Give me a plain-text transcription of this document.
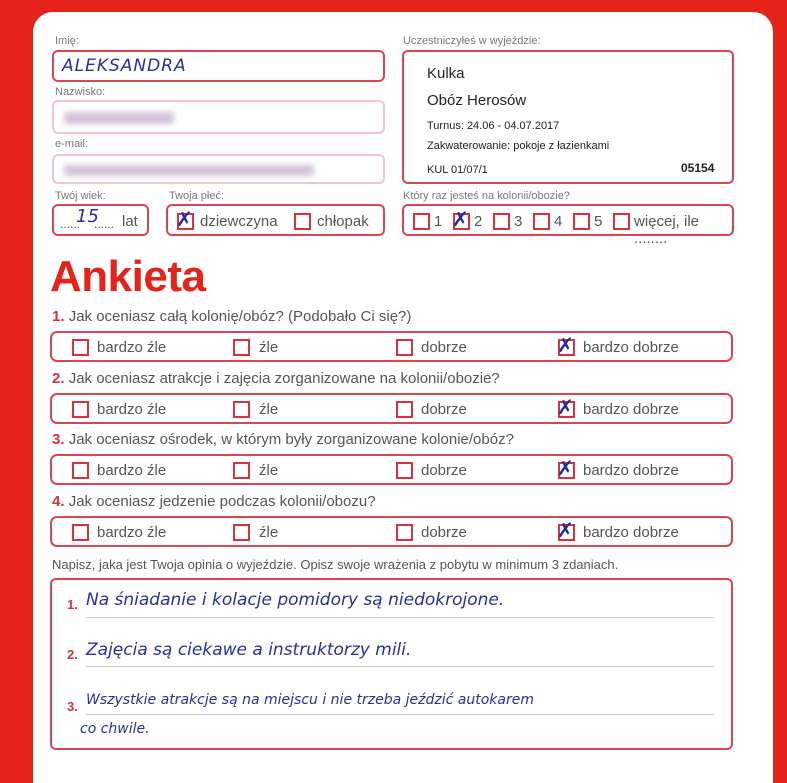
Imię:
ALEKSANDRA
Nazwisko:
e-mail:
Twój wiek:
......
15
...... lat
Twoja płeć:
✗ dziewczyna	chłopak
Uczestniczyłeś w wyjeździe:
Kulka
Obóz Herosów
Turnus: 24.06 - 04.07.2017
Zakwaterowanie: pokoje z łazienkami
KUL 01/07/1	05154
Który raz jesteś na kolonii/obozie?
1 ✗ 2 3 4 5 więcej, ile ........
Ankieta
1. Jak oceniasz całą kolonię/obóz? (Podobało Ci się?)
bardzo źle	źle	dobrze	✗ bardzo dobrze
2. Jak oceniasz atrakcje i zajęcia zorganizowane na kolonii/obozie?
bardzo źle	źle	dobrze	✗ bardzo dobrze
3. Jak oceniasz ośrodek, w którym były zorganizowane kolonie/obóz?
bardzo źle	źle	dobrze	✗ bardzo dobrze
4. Jak oceniasz jedzenie podczas kolonii/obozu?
bardzo źle	źle	dobrze	✗ bardzo dobrze
Napisz, jaka jest Twoja opinia o wyjeździe. Opisz swoje wrażenia z pobytu w minimum 3 zdaniach.
1. Na śniadanie i kolacje pomidory są niedokrojone.
2. Zajęcia są ciekawe a instruktorzy mili.
3. Wszystkie atrakcje są na miejscu i nie trzeba jeździć autokarem
co chwile.
